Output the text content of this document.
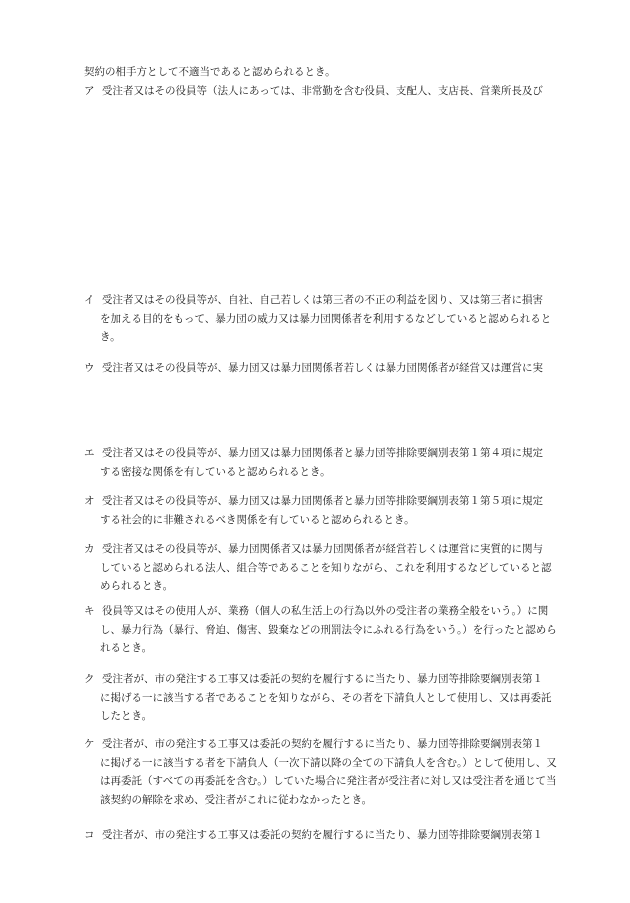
契約の相手方として不適当であると認められるとき。

ア 受注者又はその役員等（法人にあっては、非常勤を含む役員、支配人、支店長、営業所長及び
イ 受注者又はその役員等が、自社、自己若しくは第三者の不正の利益を図り、又は第三者に損害
を加える目的をもって、暴力団の威力又は暴力団関係者を利用するなどしていると認められると
き。
ウ 受注者又はその役員等が、暴力団又は暴力団関係者若しくは暴力団関係者が経営又は運営に実
エ 受注者又はその役員等が、暴力団又は暴力団関係者と暴力団等排除要綱別表第１第４項に規定
する密接な関係を有していると認められるとき。
オ 受注者又はその役員等が、暴力団又は暴力団関係者と暴力団等排除要綱別表第１第５項に規定
する社会的に非難されるべき関係を有していると認められるとき。
カ 受注者又はその役員等が、暴力団関係者又は暴力団関係者が経営若しくは運営に実質的に関与
していると認められる法人、組合等であることを知りながら、これを利用するなどしていると認
められるとき。
キ 役員等又はその使用人が、業務（個人の私生活上の行為以外の受注者の業務全般をいう。）に関
し、暴力行為（暴行、脅迫、傷害、毀棄などの刑罰法令にふれる行為をいう。）を行ったと認めら
れるとき。
ク 受注者が、市の発注する工事又は委託の契約を履行するに当たり、暴力団等排除要綱別表第１
に掲げる一に該当する者であることを知りながら、その者を下請負人として使用し、又は再委託
したとき。
ケ 受注者が、市の発注する工事又は委託の契約を履行するに当たり、暴力団等排除要綱別表第１
に掲げる一に該当する者を下請負人（一次下請以降の全ての下請負人を含む。）として使用し、又
は再委託（すべての再委託を含む。）していた場合に発注者が受注者に対し又は受注者を通じて当
該契約の解除を求め、受注者がこれに従わなかったとき。
コ 受注者が、市の発注する工事又は委託の契約を履行するに当たり、暴力団等排除要綱別表第１
